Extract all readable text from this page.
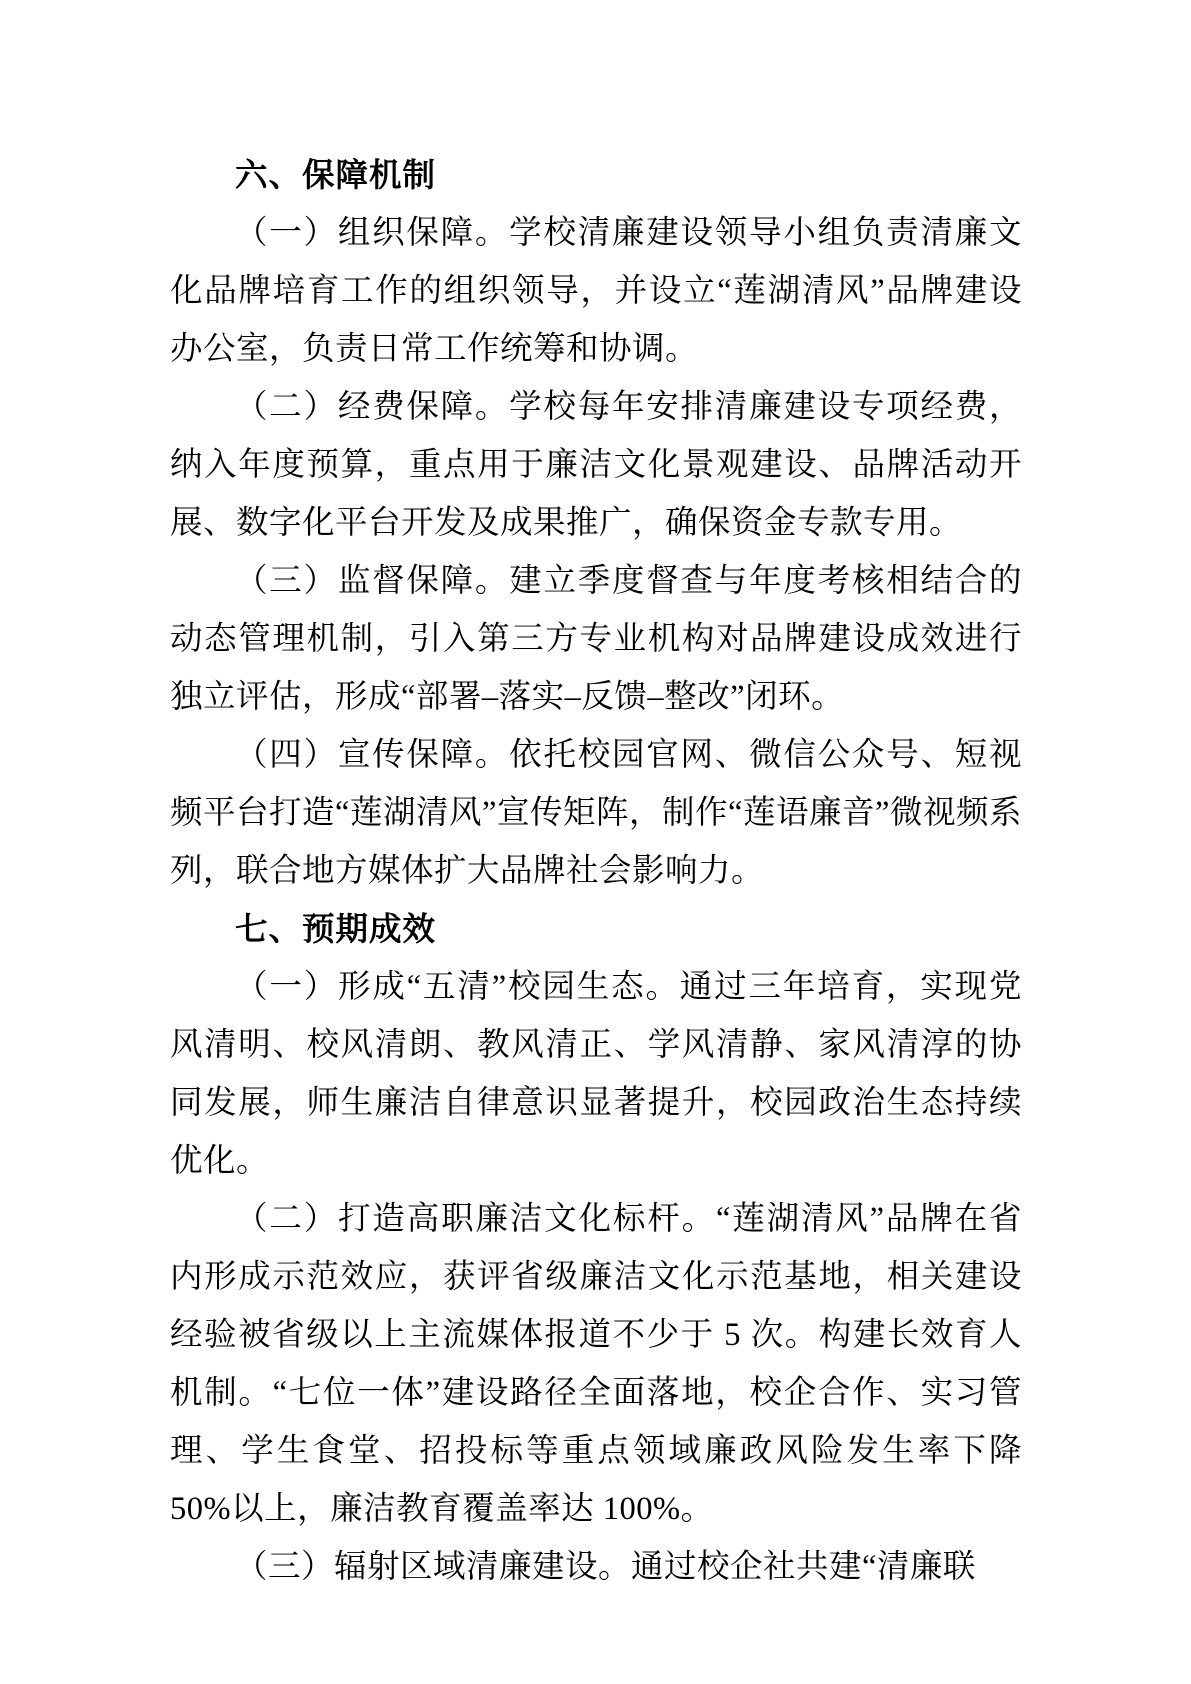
六、保障机制

（一）组织保障。学校清廉建设领导小组负责清廉文化品牌培育工作的组织领导，并设立“莲湖清风”品牌建设办公室，负责日常工作统筹和协调。

（二）经费保障。学校每年安排清廉建设专项经费，纳入年度预算，重点用于廉洁文化景观建设、品牌活动开展、数字化平台开发及成果推广，确保资金专款专用。

（三）监督保障。建立季度督查与年度考核相结合的动态管理机制，引入第三方专业机构对品牌建设成效进行独立评估，形成“部署–落实–反馈–整改”闭环。

（四）宣传保障。依托校园官网、微信公众号、短视频平台打造“莲湖清风”宣传矩阵，制作“莲语廉音”微视频系列，联合地方媒体扩大品牌社会影响力。

七、预期成效

（一）形成“五清”校园生态。通过三年培育，实现党风清明、校风清朗、教风清正、学风清静、家风清淳的协同发展，师生廉洁自律意识显著提升，校园政治生态持续优化。

（二）打造高职廉洁文化标杆。“莲湖清风”品牌在省内形成示范效应，获评省级廉洁文化示范基地，相关建设经验被省级以上主流媒体报道不少于 5 次。构建长效育人机制。“七位一体”建设路径全面落地，校企合作、实习管理、学生食堂、招投标等重点领域廉政风险发生率下降 50%以上，廉洁教育覆盖率达 100%。

（三）辐射区域清廉建设。通过校企社共建“清廉联
